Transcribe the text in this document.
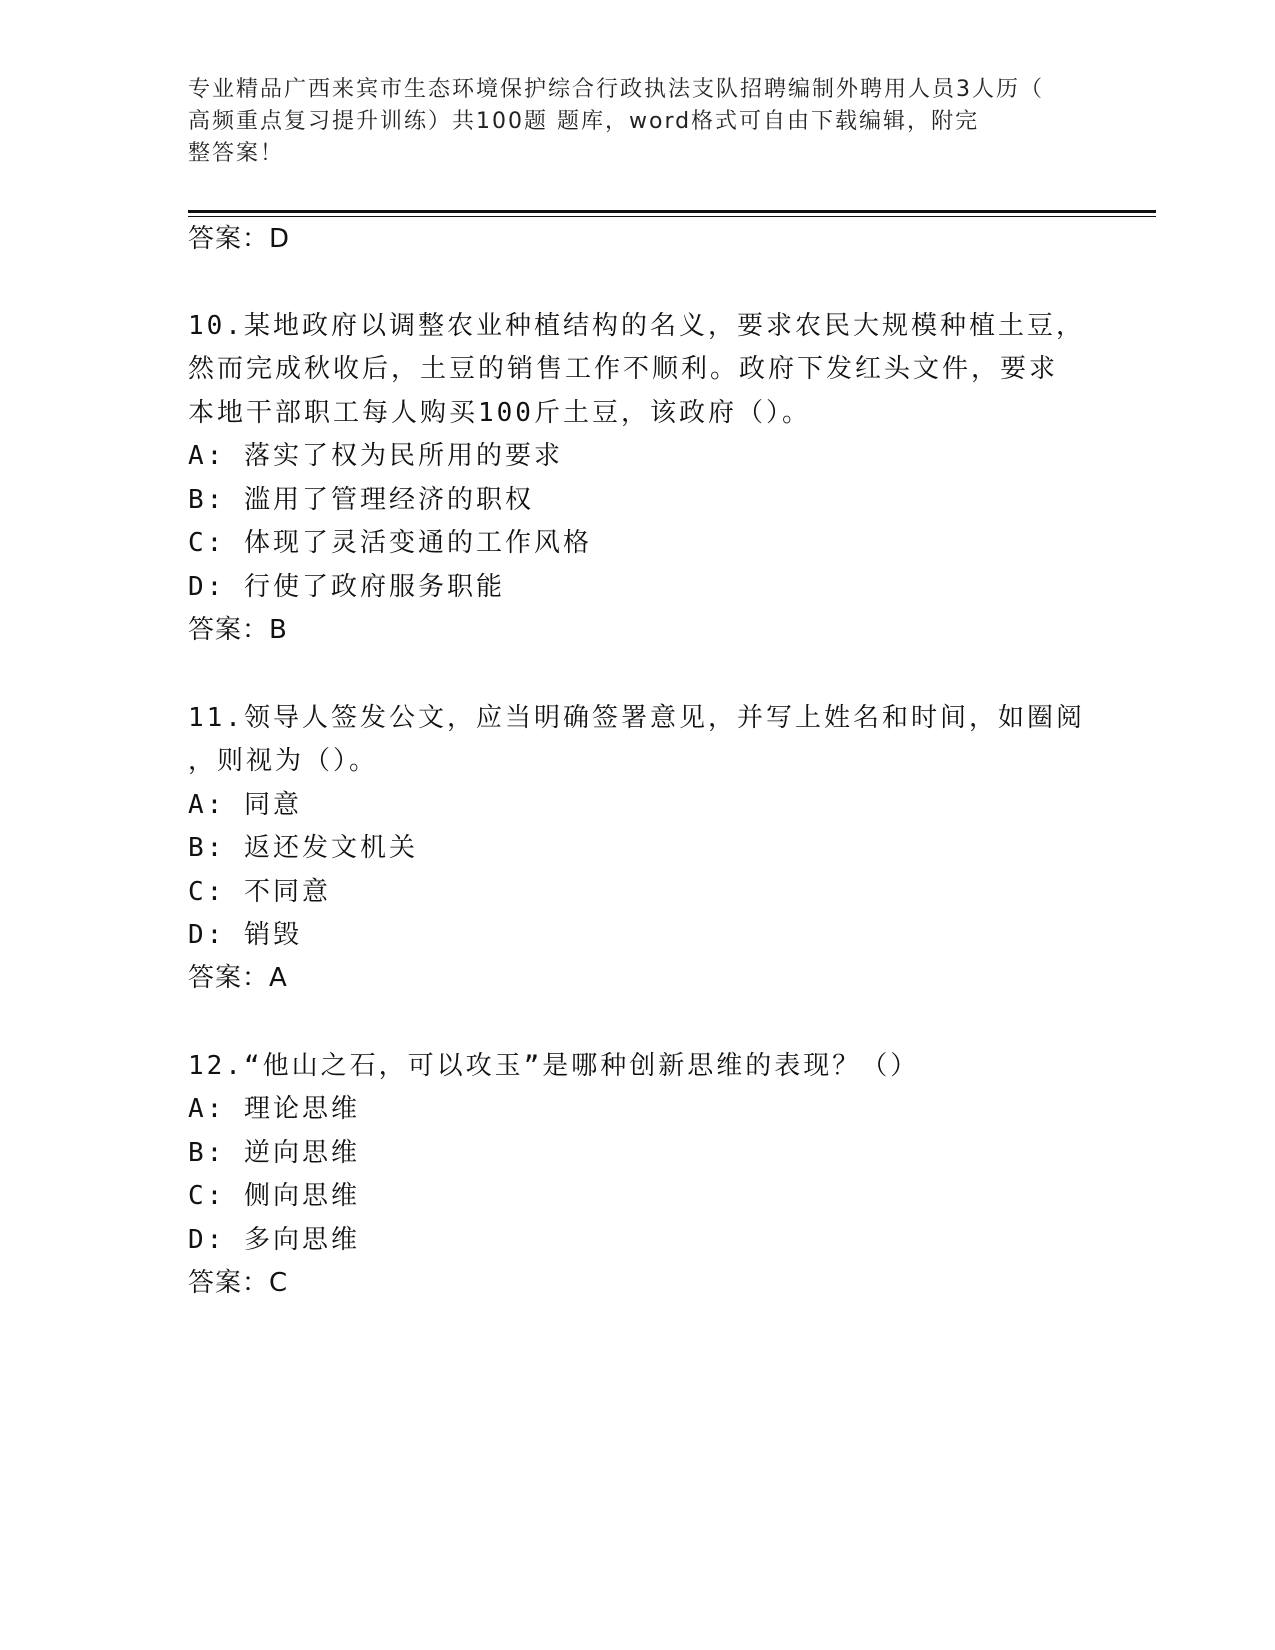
专业精品广西来宾市生态环境保护综合行政执法支队招聘编制外聘用人员3人历（
高频重点复习提升训练）共100题 题库，word格式可自由下载编辑，附完
整答案！
答案：D
10.某地政府以调整农业种植结构的名义，要求农民大规模种植土豆，
然而完成秋收后，土豆的销售工作不顺利。政府下发红头文件，要求
本地干部职工每人购买100斤土豆，该政府（）。
A: 落实了权为民所用的要求
B: 滥用了管理经济的职权
C: 体现了灵活变通的工作风格
D: 行使了政府服务职能
答案：B
11.领导人签发公文，应当明确签署意见，并写上姓名和时间，如圈阅
，则视为（）。
A: 同意
B: 返还发文机关
C: 不同意
D: 销毁
答案：A
12.“他山之石，可以攻玉”是哪种创新思维的表现？（）
A: 理论思维
B: 逆向思维
C: 侧向思维
D: 多向思维
答案：C
